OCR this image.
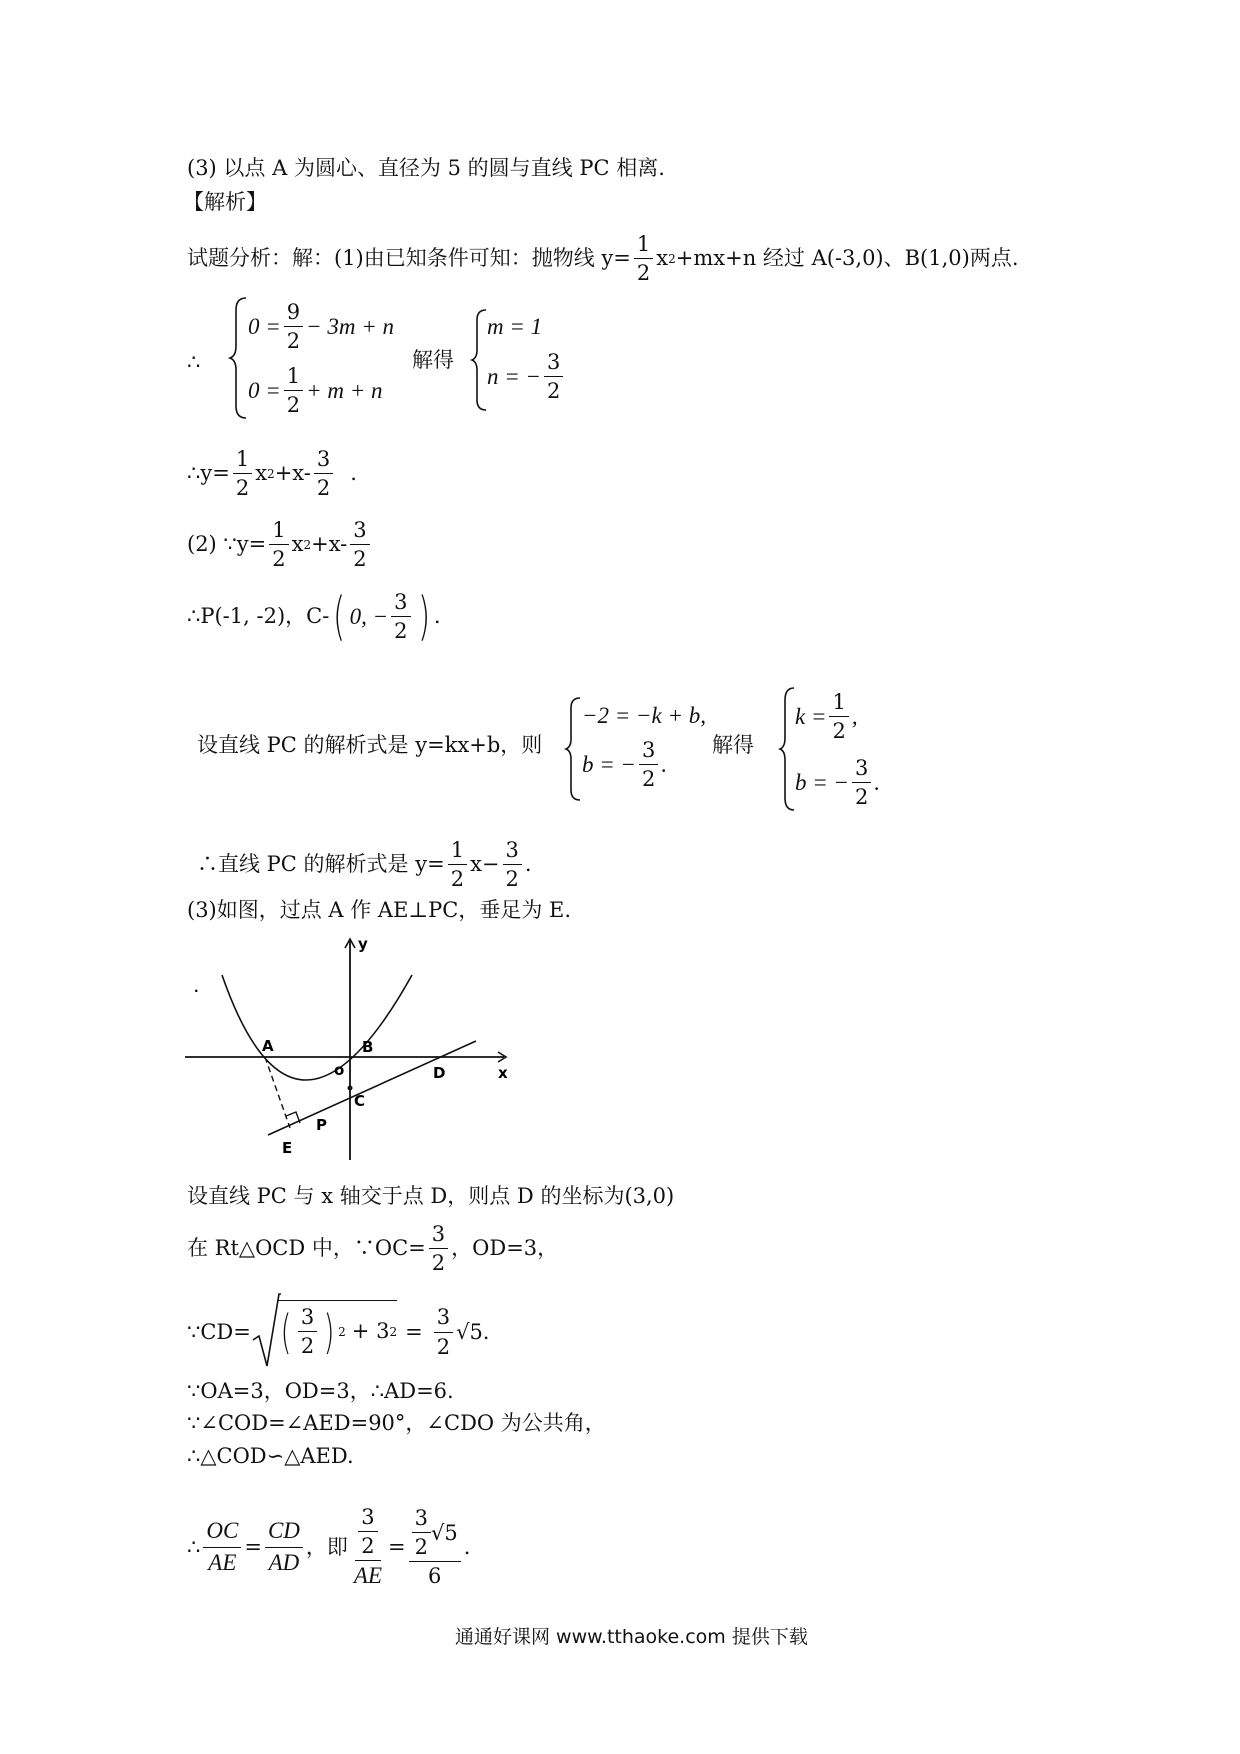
(3) 以点 A 为圆心、直径为 5 的圆与直线 PC 相离.
【解析】
试题分析：解：(1)由已知条件可知：抛物线 $y= \frac{1}{2}$ x 2 +mx+n 经过 A(-3,0)、B(1,0)两点.
∴
$0 = \frac{9}{2} - 3m + n$
$0 = \frac{1}{2} + m + n$
解得
m = 1
n = − $\frac{3}{2}$
∴y= $\frac{1}{2}$ x $2 +x- \frac{3}{2}$ .
(2) ∵y= $\frac{1}{2}$ x $2 +x- \frac{3}{2}$
∴P(-1, -2)，C- ( 0, − $\frac{3}{2}$ ) .
设直线 PC 的解析式是 y=kx+b，则
−2 = −k + b,
b = − $\frac{3}{2}$ .
解得
$k = \frac{1}{2}$ ,
b = − $\frac{3}{2}$ .
∴直线 PC 的解析式是 $y= \frac{1}{2} x- \frac{3}{2}$ .
(3)如图，过点 A 作 AE⊥PC，垂足为 E.
y
x
A	B
o	D
C
P
E
·
设直线 PC 与 x 轴交于点 D，则点 D 的坐标为(3,0)
在 Rt△OCD 中，∵OC= $\frac{3}{2}$ ，OD=3，
∵CD= ( $\frac{3}{2}$ ) 2 + 3 $2 = \frac{3}{2} √5$.
∵OA=3，OD=3，∴AD=6.
∵∠COD=∠AED=90°，∠CDO 为公共角，
∴△COD∽△AED.
∴ $\frac{OC}{AE} = \frac{CD}{AD}$ ，即 $\frac{\frac{3}{2}}{AE} = \frac{\frac{3}{2} √5}{6}$ .
通通好课网 www.tthaoke.com 提供下载
